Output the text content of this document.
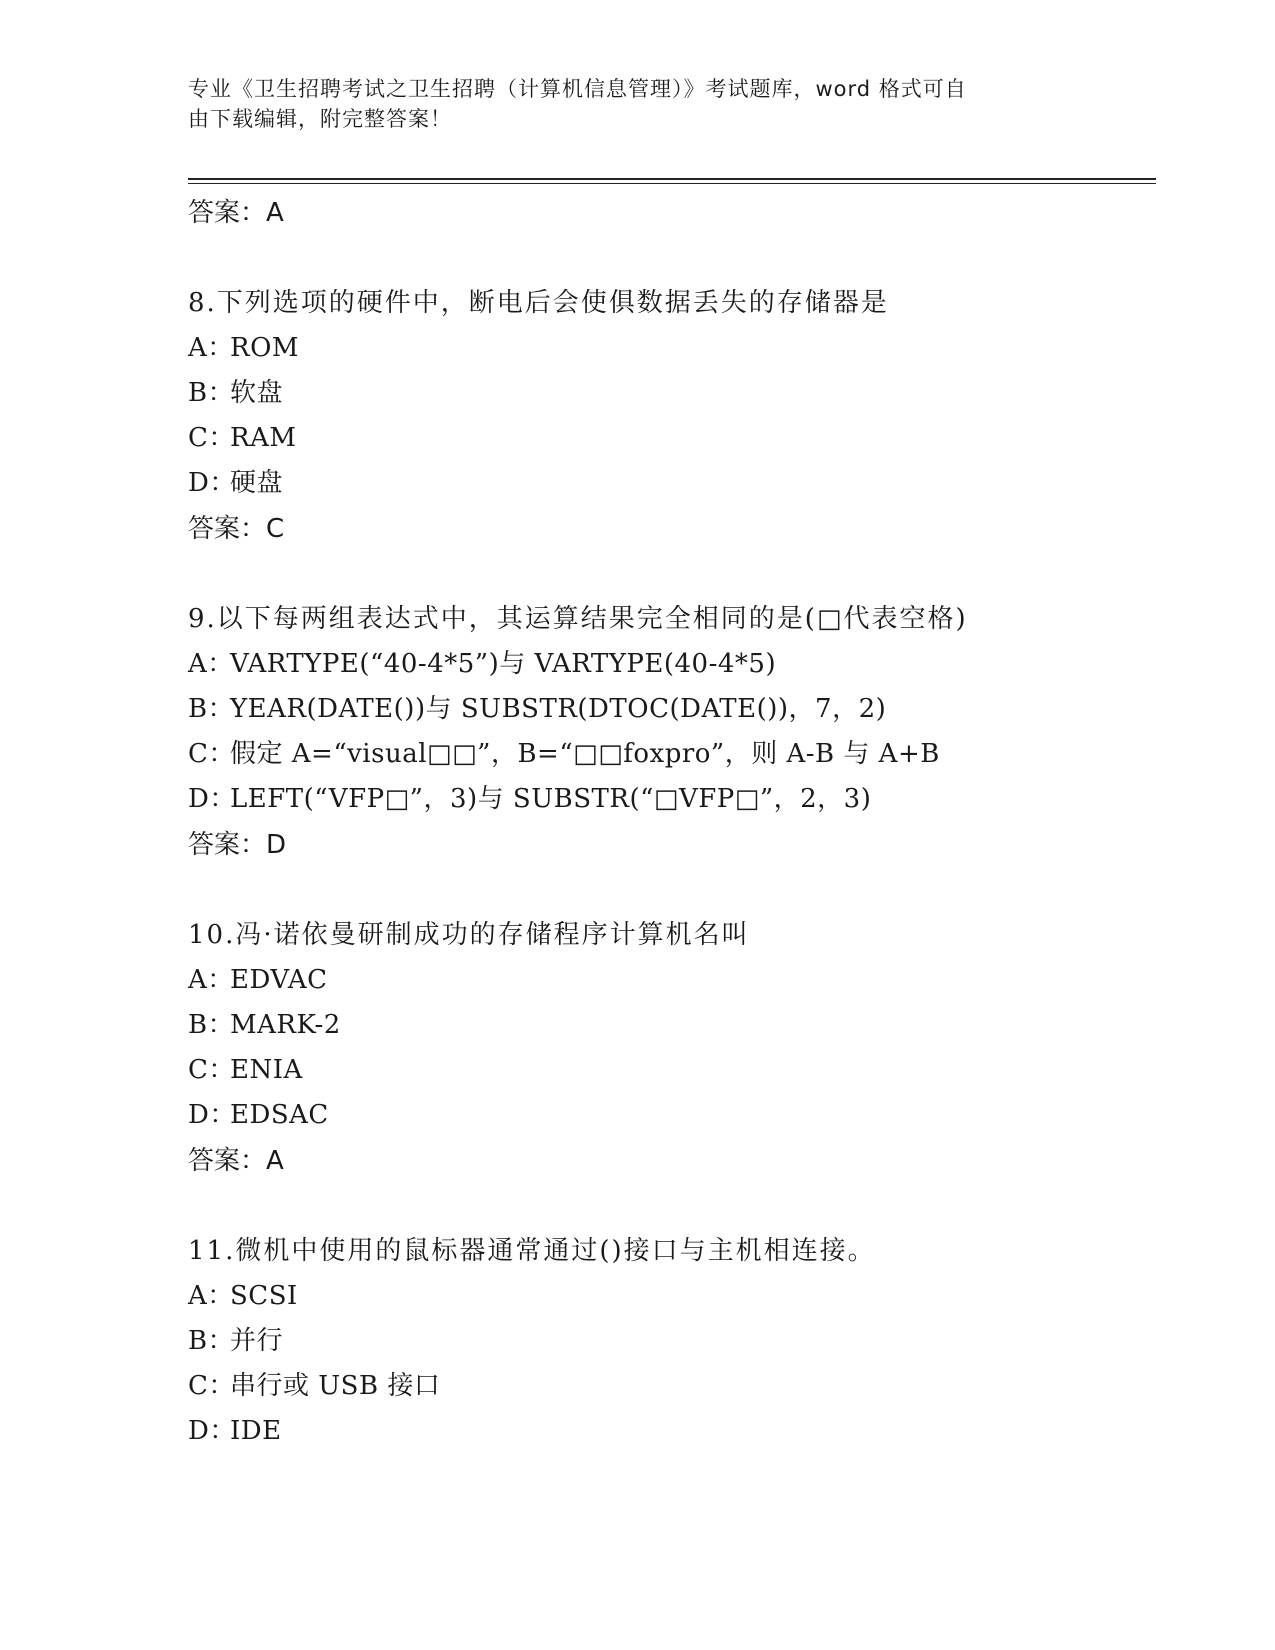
专业《卫生招聘考试之卫生招聘（计算机信息管理）》考试题库，word 格式可自
由下载编辑，附完整答案！
答案：A
8.下列选项的硬件中，断电后会使俱数据丢失的存储器是
A：ROM
B：软盘
C：RAM
D：硬盘
答案：C
9.以下每两组表达式中，其运算结果完全相同的是(□代表空格)
A：VARTYPE(“40-4*5”)与 VARTYPE(40-4*5)
B：YEAR(DATE())与 SUBSTR(DTOC(DATE())，7，2)
C：假定 A=“visual□□”，B=“□□foxpro”，则 A-B 与 A+B
D：LEFT(“VFP□”，3)与 SUBSTR(“□VFP□”，2，3)
答案：D
10.冯·诺依曼研制成功的存储程序计算机名叫
A：EDVAC
B：MARK-2
C：ENIA
D：EDSAC
答案：A
11.微机中使用的鼠标器通常通过()接口与主机相连接。
A：SCSI
B：并行
C：串行或 USB 接口
D：IDE
